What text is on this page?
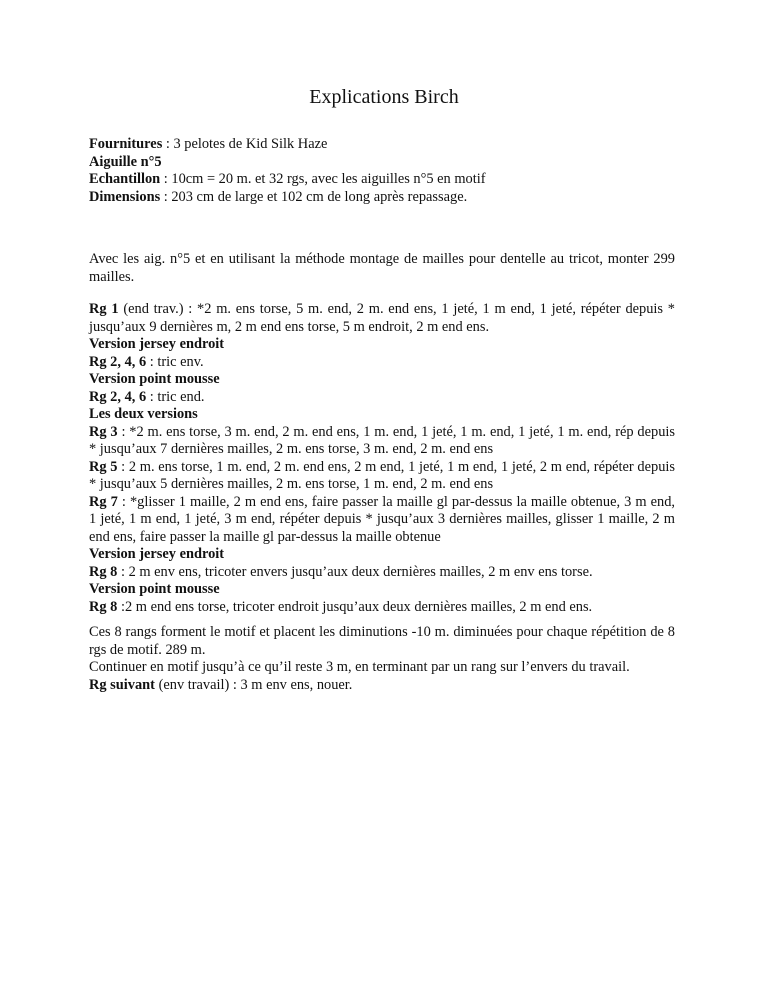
Explications Birch

Fournitures : 3 pelotes de Kid Silk Haze

Aiguille n°5

Echantillon : 10cm = 20 m. et 32 rgs, avec les aiguilles n°5 en motif

Dimensions : 203 cm de large et 102 cm de long après repassage.

Avec les aig. n°5 et en utilisant la méthode montage de mailles pour dentelle au tricot, monter 299 mailles.

Rg 1 (end trav.) : *2 m. ens torse, 5 m. end, 2 m. end ens, 1 jeté, 1 m end, 1 jeté, répéter depuis * jusqu’aux 9 dernières m, 2 m end ens torse, 5 m endroit, 2 m end ens.

Version jersey endroit

Rg 2, 4, 6 : tric env.

Version point mousse

Rg 2, 4, 6 : tric end.

Les deux versions

Rg 3 : *2 m. ens torse, 3 m. end, 2 m. end ens, 1 m. end, 1 jeté, 1 m. end, 1 jeté, 1 m. end, rép depuis * jusqu’aux 7 dernières mailles, 2 m. ens torse, 3 m. end, 2 m. end ens

Rg 5 : 2 m. ens torse, 1 m. end, 2 m. end ens, 2 m end, 1 jeté, 1 m end, 1 jeté, 2 m end, répéter depuis * jusqu’aux 5 dernières mailles, 2 m. ens torse, 1 m. end, 2 m. end ens

Rg 7 : *glisser 1 maille, 2 m end ens, faire passer la maille gl par-dessus la maille obtenue, 3 m end, 1 jeté, 1 m end, 1 jeté, 3 m end, répéter depuis * jusqu’aux 3 dernières mailles, glisser 1 maille, 2 m end ens, faire passer la maille gl par-dessus la maille obtenue

Version jersey endroit

Rg 8 : 2 m env ens, tricoter envers jusqu’aux deux dernières mailles, 2 m env ens torse.

Version point mousse

Rg 8 :2 m end ens torse, tricoter endroit jusqu’aux deux dernières mailles, 2 m end ens.

Ces 8 rangs forment le motif et placent les diminutions -10 m. diminuées pour chaque répétition de 8 rgs de motif. 289 m.

Continuer en motif jusqu’à ce qu’il reste 3 m, en terminant par un rang sur l’envers du travail.

Rg suivant (env travail) : 3 m env ens, nouer.
